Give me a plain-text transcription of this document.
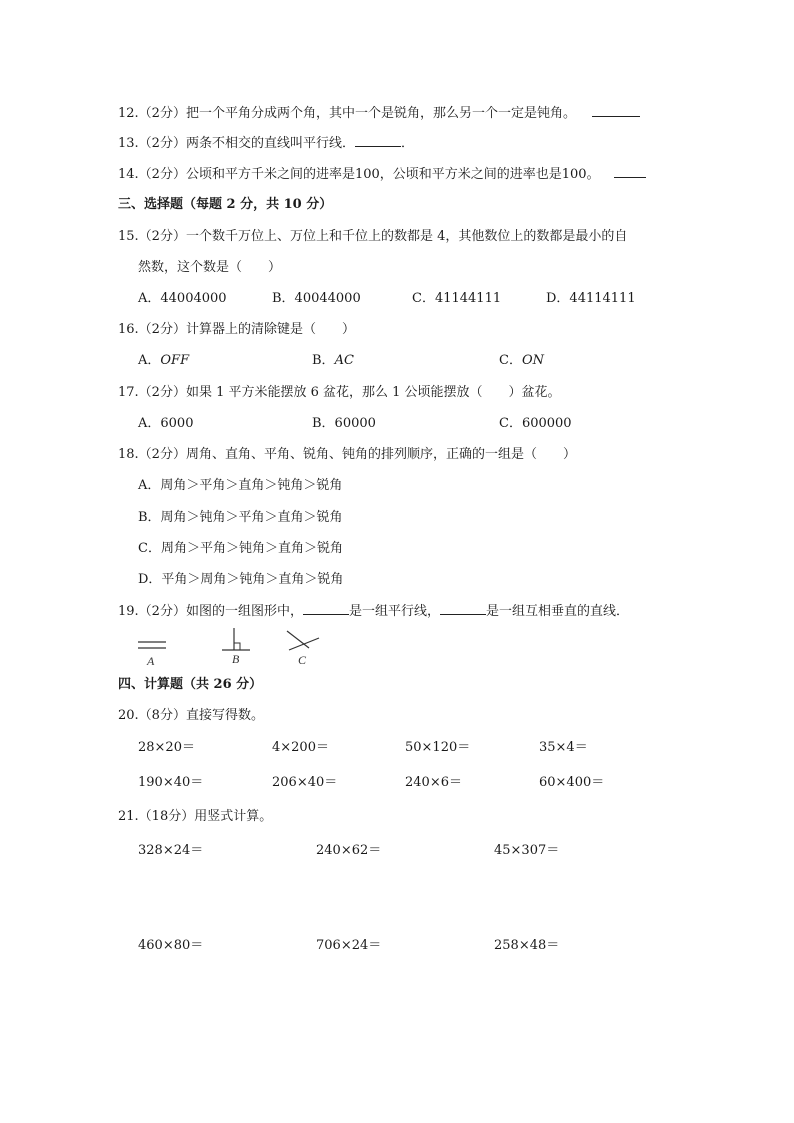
12.（2分）把一个平角分成两个角，其中一个是锐角，那么另一个一定是钝角。
13.（2分）两条不相交的直线叫平行线．	．
14.（2分）公顷和平方千米之间的进率是100，公顷和平方米之间的进率也是100。
三、选择题（每题 2 分，共 10 分）
15.（2分）一个数千万位上、万位上和千位上的数都是 4，其他数位上的数都是最小的自
然数，这个数是（　　）
A．44004000	B．40044000	C．41144111	D．44114111
16.（2分）计算器上的清除键是（　　）
A．OFF	B．AC	C．ON
17.（2分）如果 1 平方米能摆放 6 盆花，那么 1 公顷能摆放（　　）盆花。
A．6000	B．60000	C．600000
18.（2分）周角、直角、平角、锐角、钝角的排列顺序，正确的一组是（　　）
A．周角＞平角＞直角＞钝角＞锐角
B．周角＞钝角＞平角＞直角＞锐角
C．周角＞平角＞钝角＞直角＞锐角
D．平角＞周角＞钝角＞直角＞锐角
19.（2分）如图的一组图形中，	是一组平行线，	是一组互相垂直的直线．
A	B	C
四、计算题（共 26 分）
20.（8分）直接写得数。
28×20＝	4×200＝	50×120＝	35×4＝
190×40＝	206×40＝	240×6＝	60×400＝
21.（18分）用竖式计算。
328×24＝	240×62＝	45×307＝
460×80＝	706×24＝	258×48＝
